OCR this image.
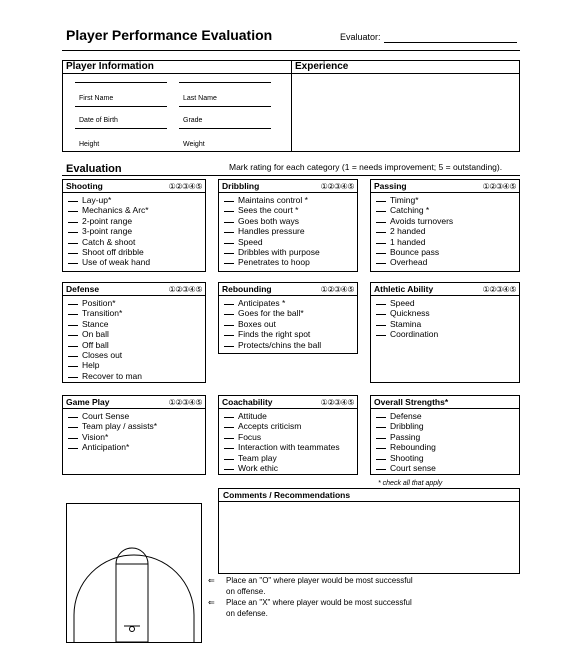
Player Performance Evaluation	Evaluator:
Player Information
First Name	Last Name
Date of Birth	Grade
Height	Weight
Experience
Evaluation	Mark rating for each category (1 = needs improvement; 5 = outstanding).
Shooting	①②③④⑤
Lay-up*
Mechanics & Arc*
2-point range
3-point range
Catch & shoot
Shoot off dribble
Use of weak hand
Dribbling	①②③④⑤
Maintains control *
Sees the court *
Goes both ways
Handles pressure
Speed
Dribbles with purpose
Penetrates to hoop
Passing	①②③④⑤
Timing*
Catching *
Avoids turnovers
2 handed
1 handed
Bounce pass
Overhead
Defense	①②③④⑤
Position*
Transition*
Stance
On ball
Off ball
Closes out
Help
Recover to man
Rebounding	①②③④⑤
Anticipates *
Goes for the ball*
Boxes out
Finds the right spot
Protects/chins the ball
Athletic Ability	①②③④⑤
Speed
Quickness
Stamina
Coordination
Game Play	①②③④⑤
Court Sense
Team play / assists*
Vision*
Anticipation*
Coachability	①②③④⑤
Attitude
Accepts criticism
Focus
Interaction with teammates
Team play
Work ethic
Overall Strengths*
Defense
Dribbling
Passing
Rebounding
Shooting
Court sense
* check all that apply
Comments / Recommendations
⇐ Place an "O" where player would be most successful
on offense.
⇐ Place an "X" where player would be most successful
on defense.
